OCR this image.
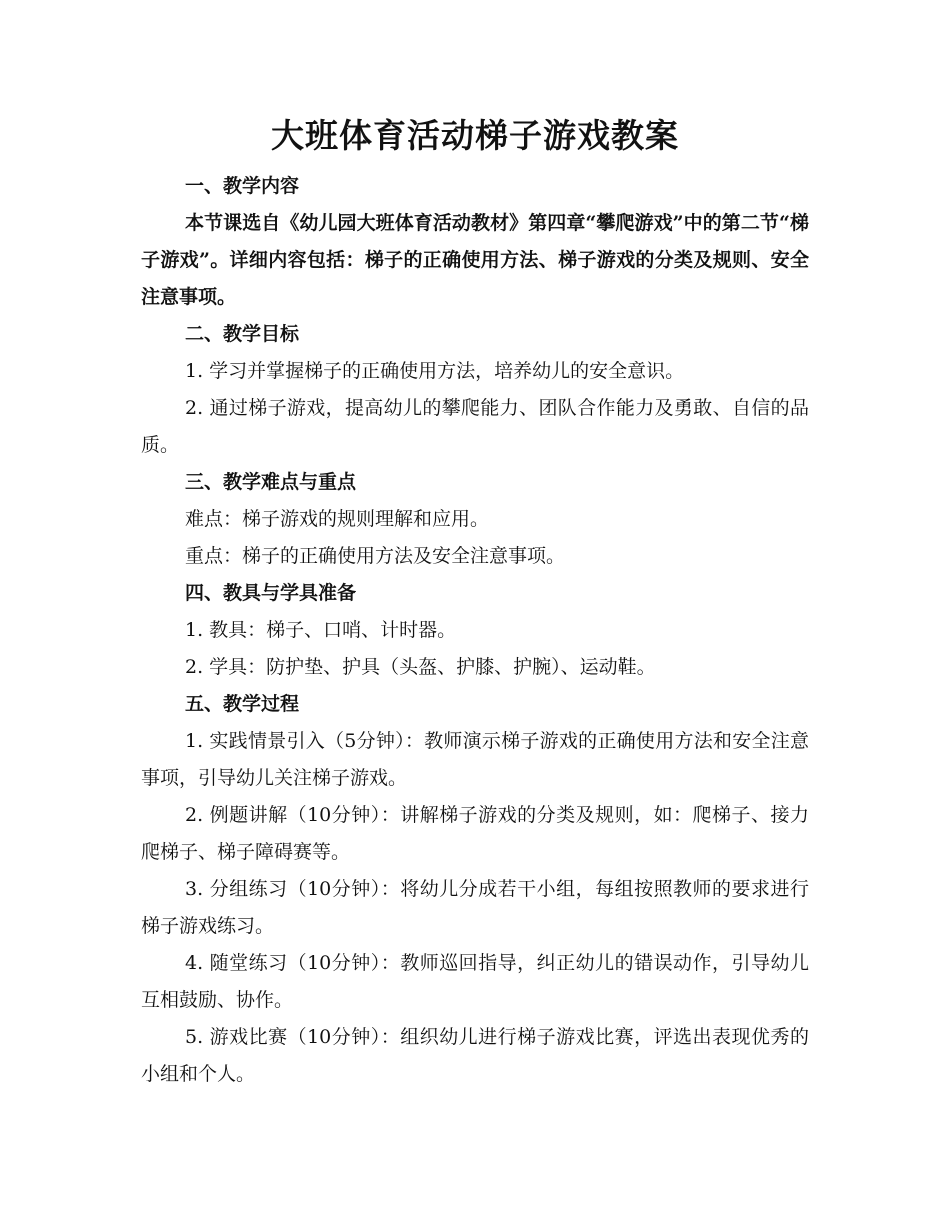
大班体育活动梯子游戏教案

一、教学内容

本节课选自《幼儿园大班体育活动教材》第四章“攀爬游戏”中的第二节“梯子游戏”。详细内容包括：梯子的正确使用方法、梯子游戏的分类及规则、安全注意事项。

二、教学目标

1. 学习并掌握梯子的正确使用方法，培养幼儿的安全意识。

2. 通过梯子游戏，提高幼儿的攀爬能力、团队合作能力及勇敢、自信的品质。

三、教学难点与重点

难点：梯子游戏的规则理解和应用。

重点：梯子的正确使用方法及安全注意事项。

四、教具与学具准备

1. 教具：梯子、口哨、计时器。

2. 学具：防护垫、护具（头盔、护膝、护腕）、运动鞋。

五、教学过程

1. 实践情景引入（5分钟）：教师演示梯子游戏的正确使用方法和安全注意事项，引导幼儿关注梯子游戏。

2. 例题讲解（10分钟）：讲解梯子游戏的分类及规则，如：爬梯子、接力爬梯子、梯子障碍赛等。

3. 分组练习（10分钟）：将幼儿分成若干小组，每组按照教师的要求进行梯子游戏练习。

4. 随堂练习（10分钟）：教师巡回指导，纠正幼儿的错误动作，引导幼儿互相鼓励、协作。

5. 游戏比赛（10分钟）：组织幼儿进行梯子游戏比赛，评选出表现优秀的小组和个人。
